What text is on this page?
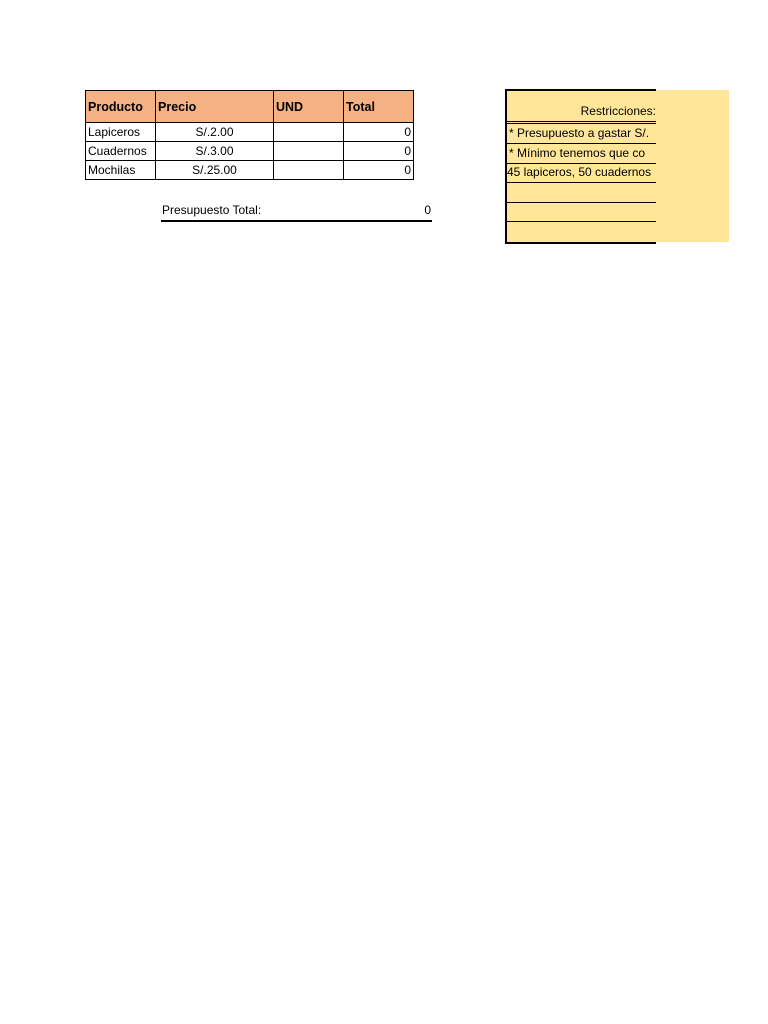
Producto	Precio	UND	Total
Lapiceros	S/.2.00		0
Cuadernos	S/.3.00		0
Mochilas	S/.25.00		0
Presupuesto Total:	0
Restricciones:
* Presupuesto a gastar S/.
* Mínimo tenemos que co
45 lapiceros, 50 cuadernos
